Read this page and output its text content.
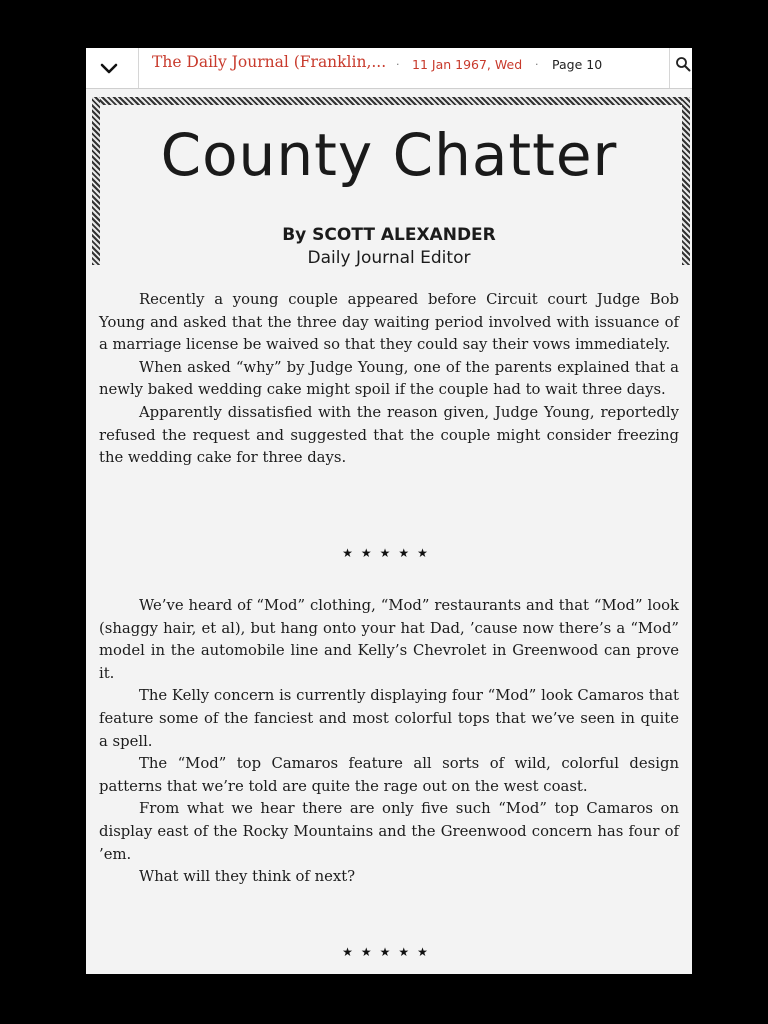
The Daily Journal (Franklin,... · 11 Jan 1967, Wed · Page 10
County Chatter
By SCOTT ALEXANDER
Daily Journal Editor

Recently a young couple appeared before Circuit court Judge Bob Young and asked that the three day waiting period involved with issuance of a marriage license be waived so that they could say their vows immediately.

When asked “why” by Judge Young, one of the parents explained that a newly baked wedding cake might spoil if the couple had to wait three days.

Apparently dissatisfied with the reason given, Judge Young, reportedly refused the request and suggested that the couple might consider freezing the wedding cake for three days.

★★★★★

We’ve heard of “Mod” clothing, “Mod” restaurants and that “Mod” look (shaggy hair, et al), but hang onto your hat Dad, ’cause now there’s a “Mod” model in the automobile line and Kelly’s Chevrolet in Greenwood can prove it.

The Kelly concern is currently displaying four “Mod” look Camaros that feature some of the fanciest and most colorful tops that we’ve seen in quite a spell.

The “Mod” top Camaros feature all sorts of wild, colorful design patterns that we’re told are quite the rage out on the west coast.

From what we hear there are only five such “Mod” top Camaros on display east of the Rocky Mountains and the Greenwood concern has four of ’em.

What will they think of next?

★★★★★
